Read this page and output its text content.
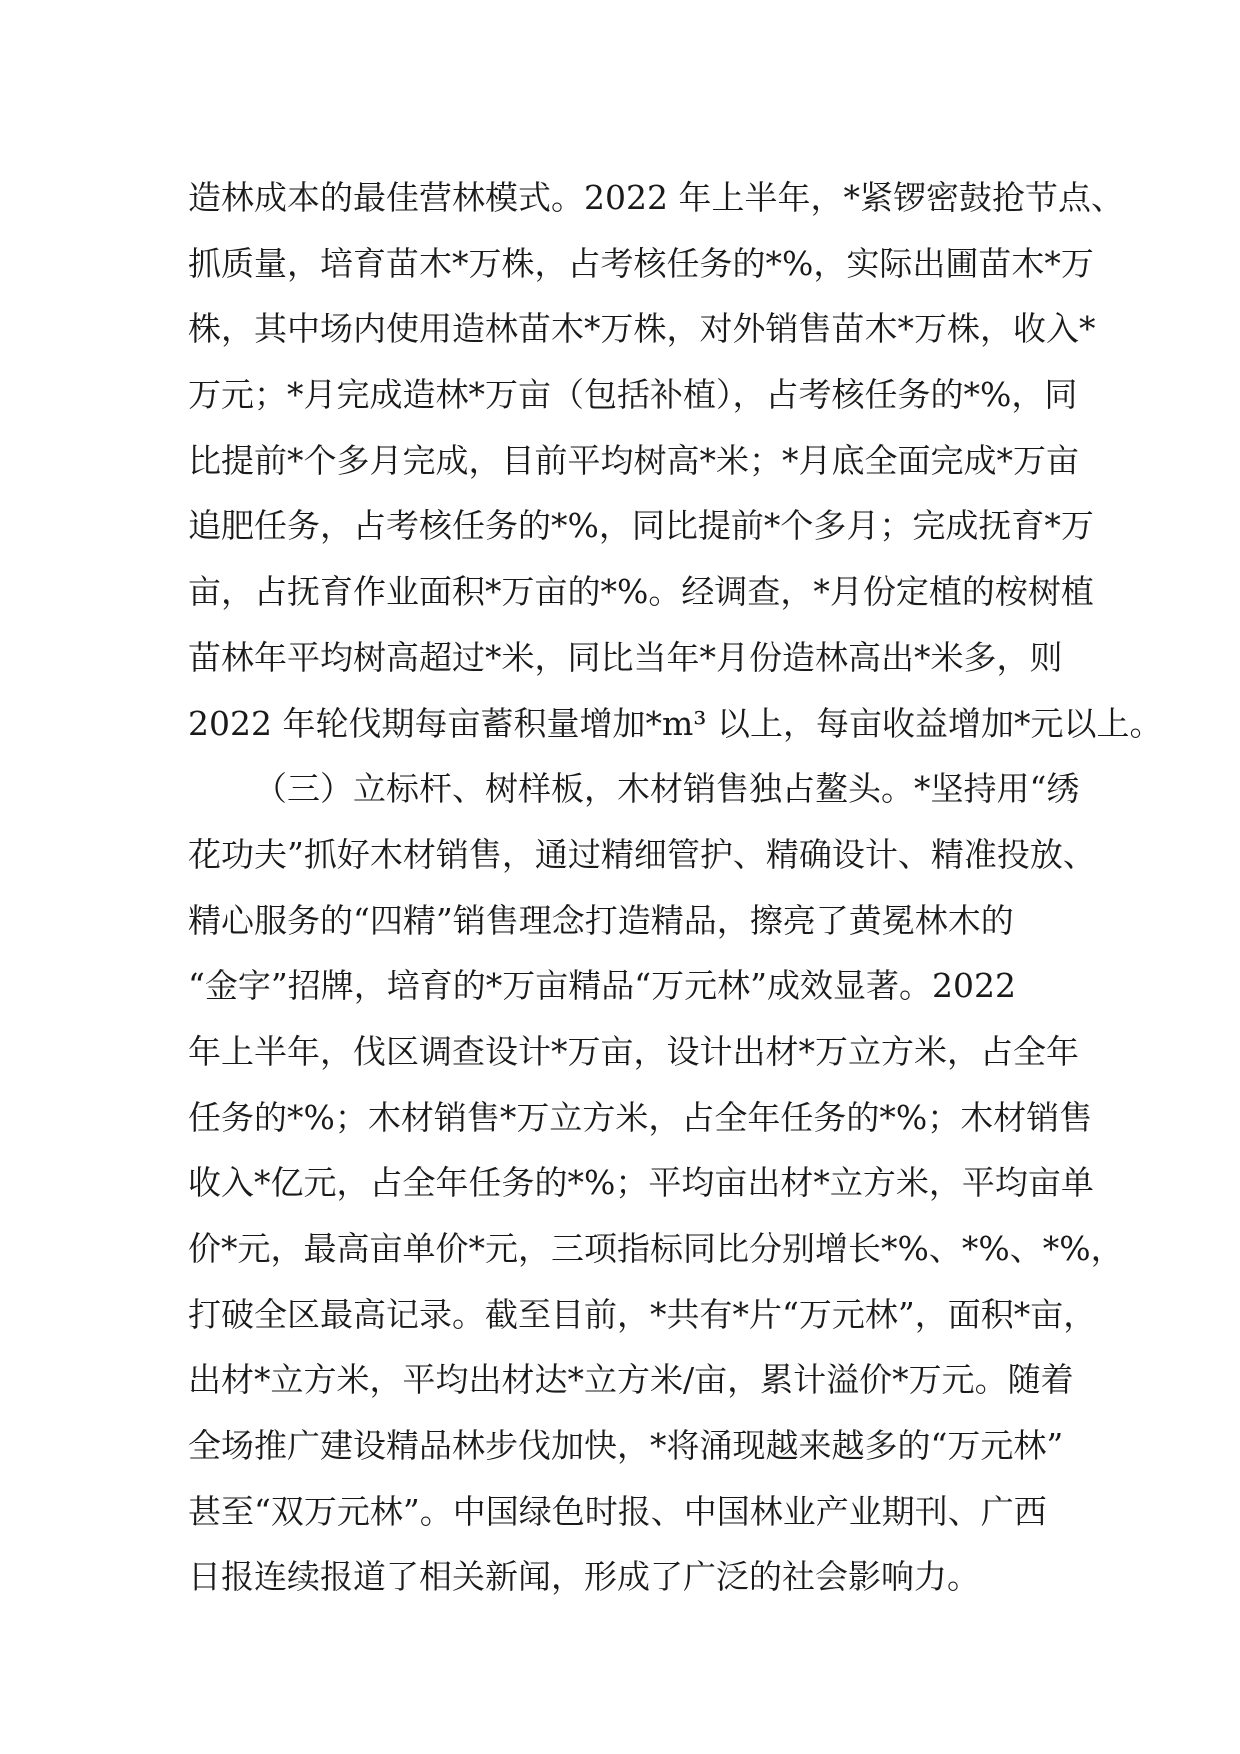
造林成本的最佳营林模式。2022 年上半年，*紧锣密鼓抢节点、
抓质量，培育苗木*万株，占考核任务的*%，实际出圃苗木*万
株，其中场内使用造林苗木*万株，对外销售苗木*万株，收入*
万元；*月完成造林*万亩（包括补植），占考核任务的*%，同
比提前*个多月完成，目前平均树高*米；*月底全面完成*万亩
追肥任务，占考核任务的*%，同比提前*个多月；完成抚育*万
亩，占抚育作业面积*万亩的*%。经调查，*月份定植的桉树植
苗林年平均树高超过*米，同比当年*月份造林高出*米多，则
2022 年轮伐期每亩蓄积量增加*m³ 以上，每亩收益增加*元以上。
（三）立标杆、树样板，木材销售独占鳌头。*坚持用“绣
花功夫”抓好木材销售，通过精细管护、精确设计、精准投放、
精心服务的“四精”销售理念打造精品，擦亮了黄冕林木的
“金字”招牌，培育的*万亩精品“万元林”成效显著。2022
年上半年，伐区调查设计*万亩，设计出材*万立方米，占全年
任务的*%；木材销售*万立方米，占全年任务的*%；木材销售
收入*亿元，占全年任务的*%；平均亩出材*立方米，平均亩单
价*元，最高亩单价*元，三项指标同比分别增长*%、*%、*%，
打破全区最高记录。截至目前，*共有*片“万元林”，面积*亩，
出材*立方米，平均出材达*立方米/亩，累计溢价*万元。随着
全场推广建设精品林步伐加快，*将涌现越来越多的“万元林”
甚至“双万元林”。中国绿色时报、中国林业产业期刊、广西
日报连续报道了相关新闻，形成了广泛的社会影响力。
